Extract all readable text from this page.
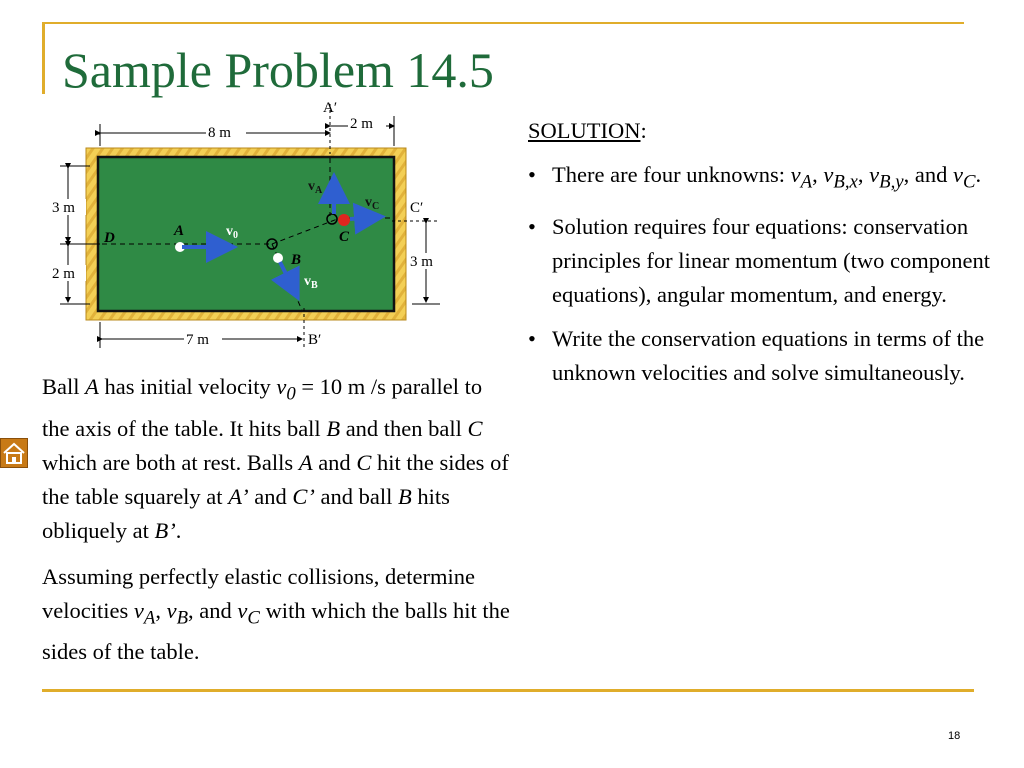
Sample Problem 14.5
8 m
A′
2 m
3 m
2 m
C′
3 m
7 m	B′
D	A
B
C
$v_0$
$v_A$
$v_C$
$v_B$

Ball A has initial velocity $v_0 = 10$ m /s parallel to the axis of the table. It hits ball B and then ball C which are both at rest. Balls A and C hit the sides of the table squarely at A’ and C’ and ball B hits obliquely at B’.

Assuming perfectly elastic collisions, determine velocities $v_A$, $v_B$, and $v_C$ with which the balls hit the sides of the table.

SOLUTION:
• There are four unknowns: $v_A$, $v_{B,x}$, $v_{B,y}$, and $v_C$.
• Solution requires four equations: conservation principles for linear momentum (two component equations), angular momentum, and energy.
• Write the conservation equations in terms of the unknown velocities and solve simultaneously.
18
